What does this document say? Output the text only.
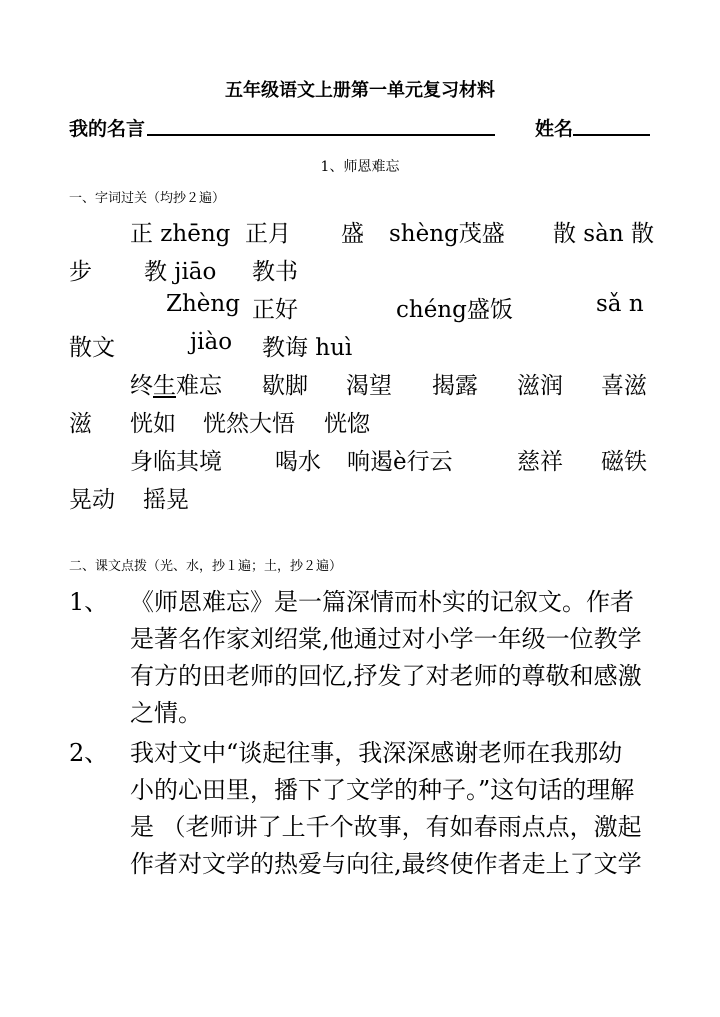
五年级语文上册第一单元复习材料
我的名言	姓名
1、师恩难忘
一、字词过关（均抄２遍）
正 zhēng 正月 盛 shèng茂盛 散 sàn 散
步 教 jiāo 教书
Zhèng 正好	chéng盛饭	sǎ n
散文	jiào 教诲 huì
终生难忘 歇脚 渴望 揭露 滋润 喜滋
滋 恍如 恍然大悟 恍惚
身临其境 喝水 响遏è行云	慈祥 磁铁
晃动 摇晃
二、课文点拨（光、水，抄１遍；土，抄２遍）
1、 《师恩难忘》是一篇深情而朴实的记叙文。作者
是著名作家刘绍棠,他通过对小学一年级一位教学
有方的田老师的回忆,抒发了对老师的尊敬和感激
之情。
2、 我对文中“谈起往事，我深深感谢老师在我那幼
小的心田里，播下了文学的种子。”这句话的理解
是 （老师讲了上千个故事，有如春雨点点，激起
作者对文学的热爱与向往,最终使作者走上了文学
